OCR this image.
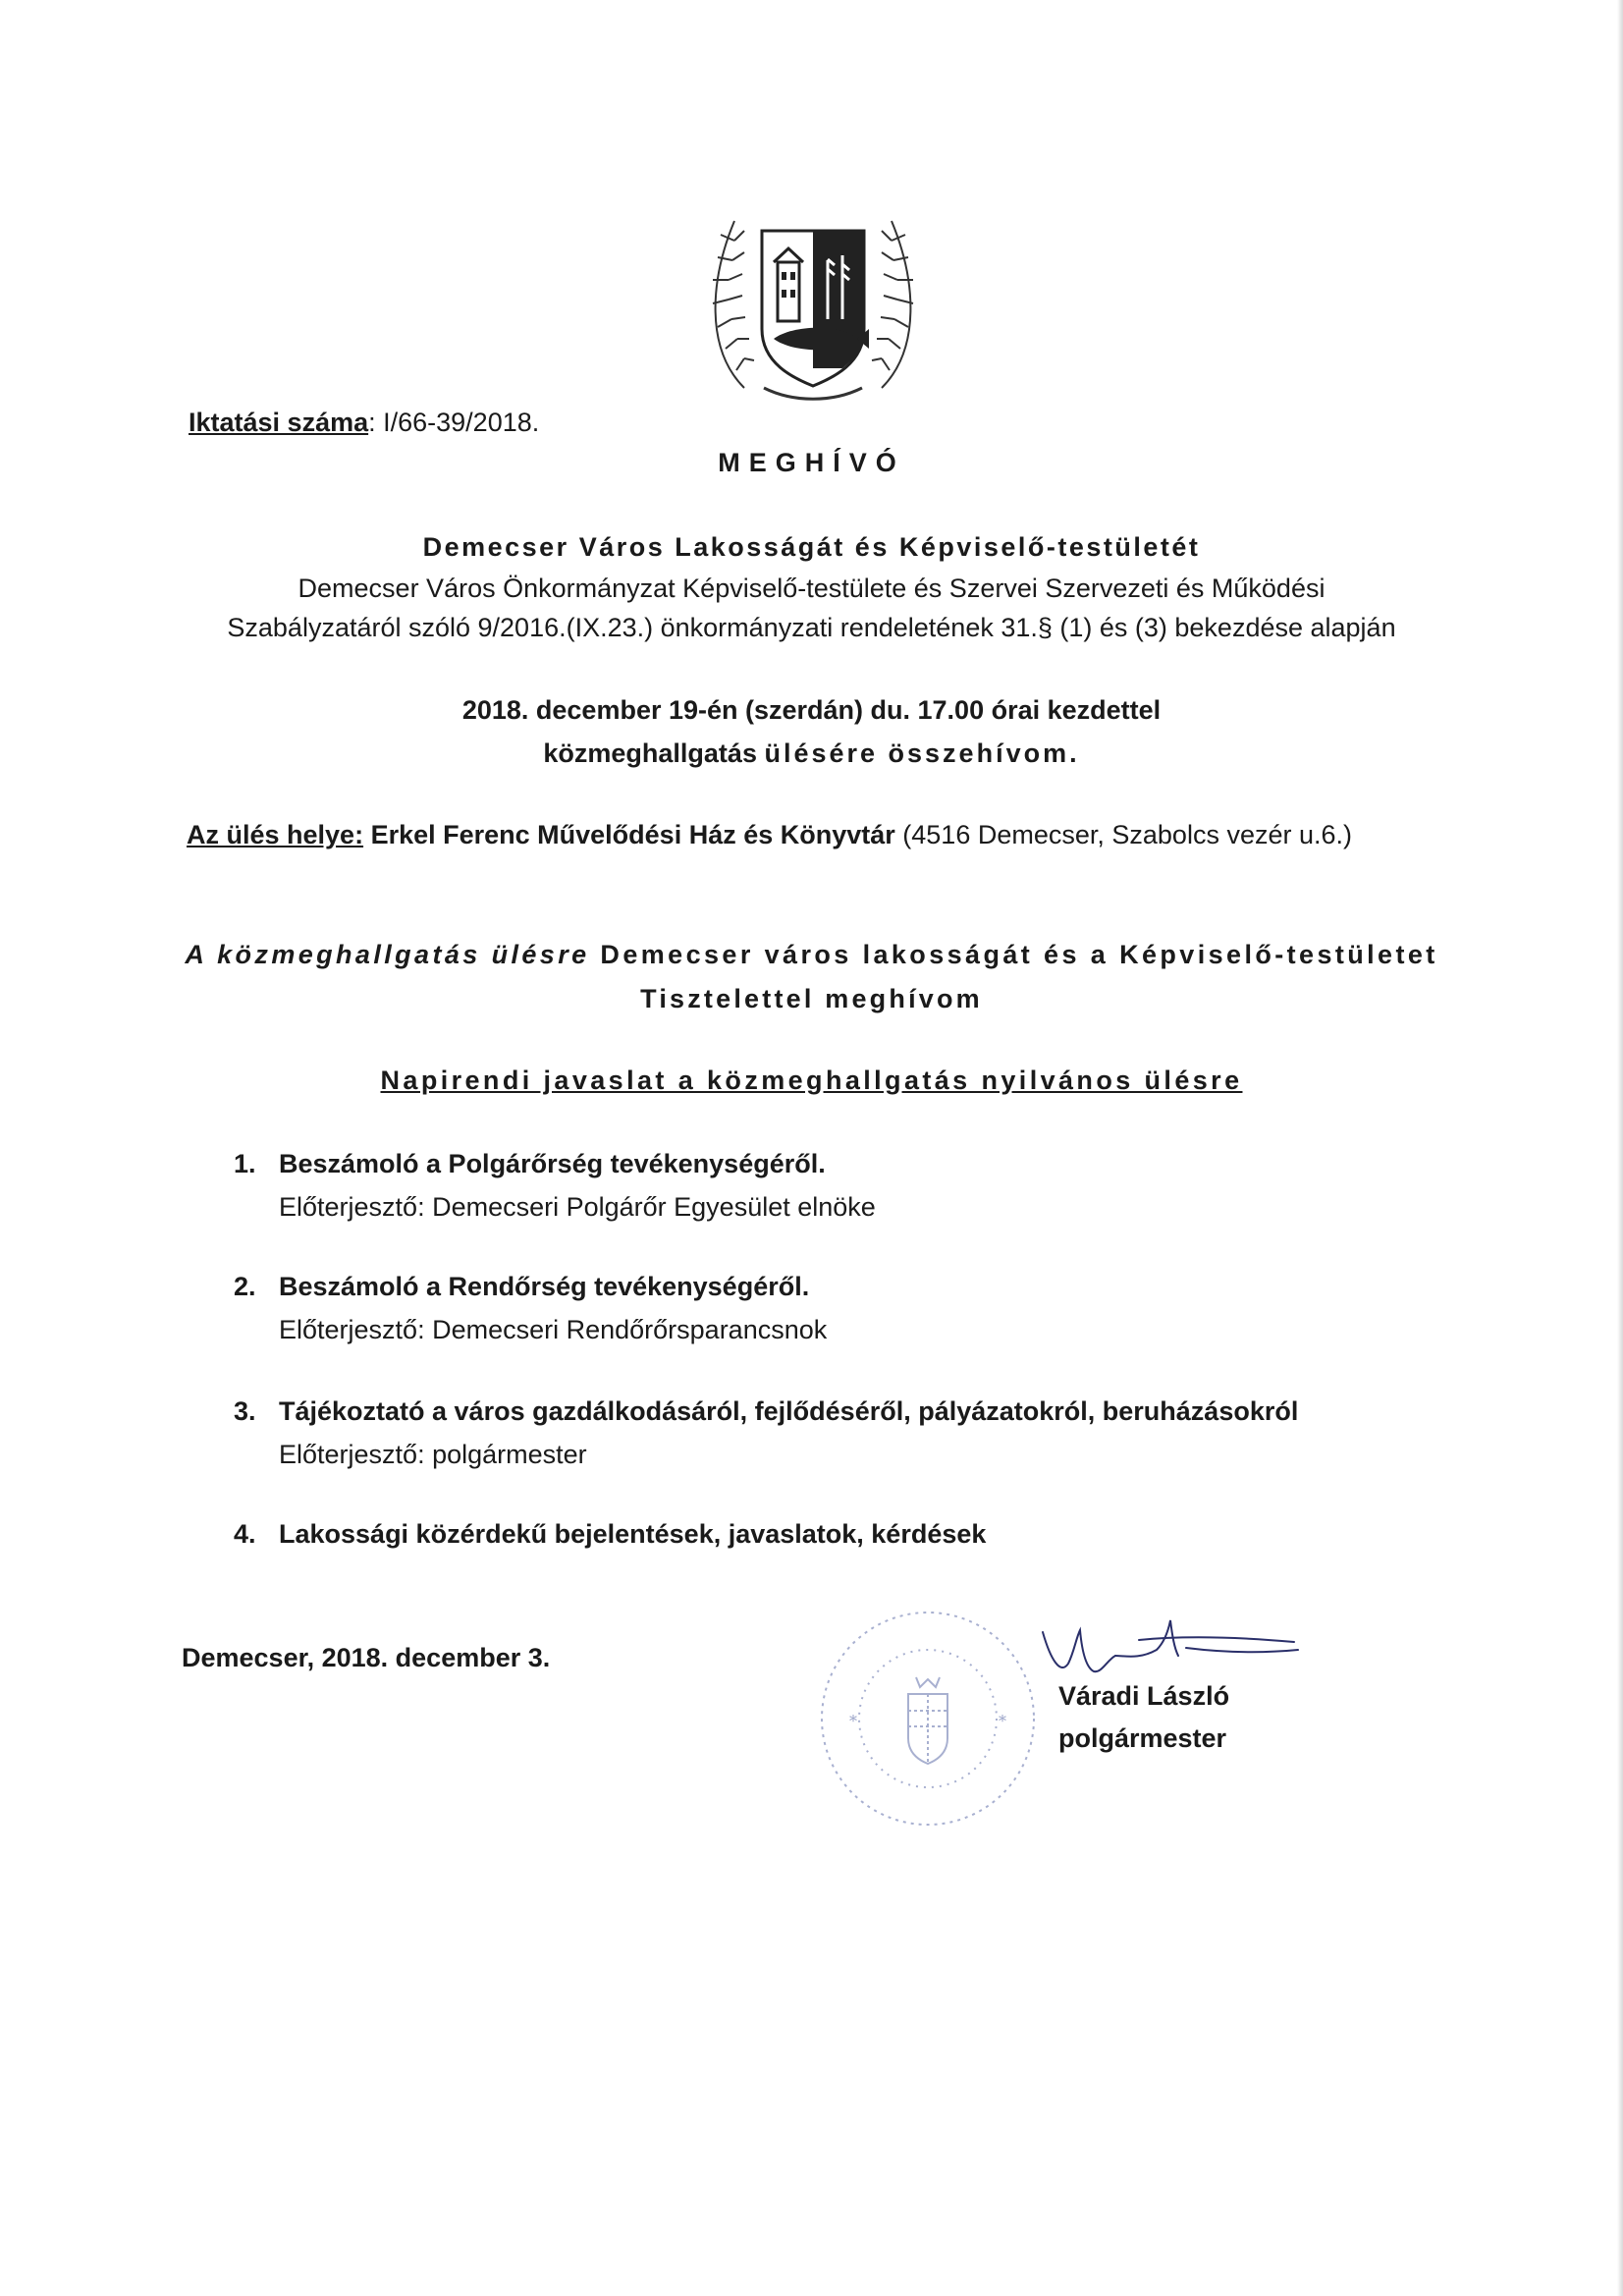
Iktatási száma: I/66-39/2018.
MEGHÍVÓ
Demecser Város Lakosságát és Képviselő-testületét
Demecser Város Önkormányzat Képviselő-testülete és Szervei Szervezeti és Működési
Szabályzatáról szóló 9/2016.(IX.23.) önkormányzati rendeletének 31.§ (1) és (3) bekezdése alapján
2018. december 19-én (szerdán) du. 17.00 órai kezdettel
közmeghallgatás ülésére összehívom.
Az ülés helye: Erkel Ferenc Művelődési Ház és Könyvtár (4516 Demecser, Szabolcs vezér u.6.)
A közmeghallgatás ülésre Demecser város lakosságát és a Képviselő-testületet
Tisztelettel meghívom
Napirendi javaslat a közmeghallgatás nyilvános ülésre
1. Beszámoló a Polgárőrség tevékenységéről.
Előterjesztő: Demecseri Polgárőr Egyesület elnöke
2. Beszámoló a Rendőrség tevékenységéről.
Előterjesztő: Demecseri Rendőrőrsparancsnok
3. Tájékoztató a város gazdálkodásáról, fejlődéséről, pályázatokról, beruházásokról
Előterjesztő: polgármester
4. Lakossági közérdekű bejelentések, javaslatok, kérdések
Demecser, 2018. december 3.
*	*
Váradi László
polgármester
